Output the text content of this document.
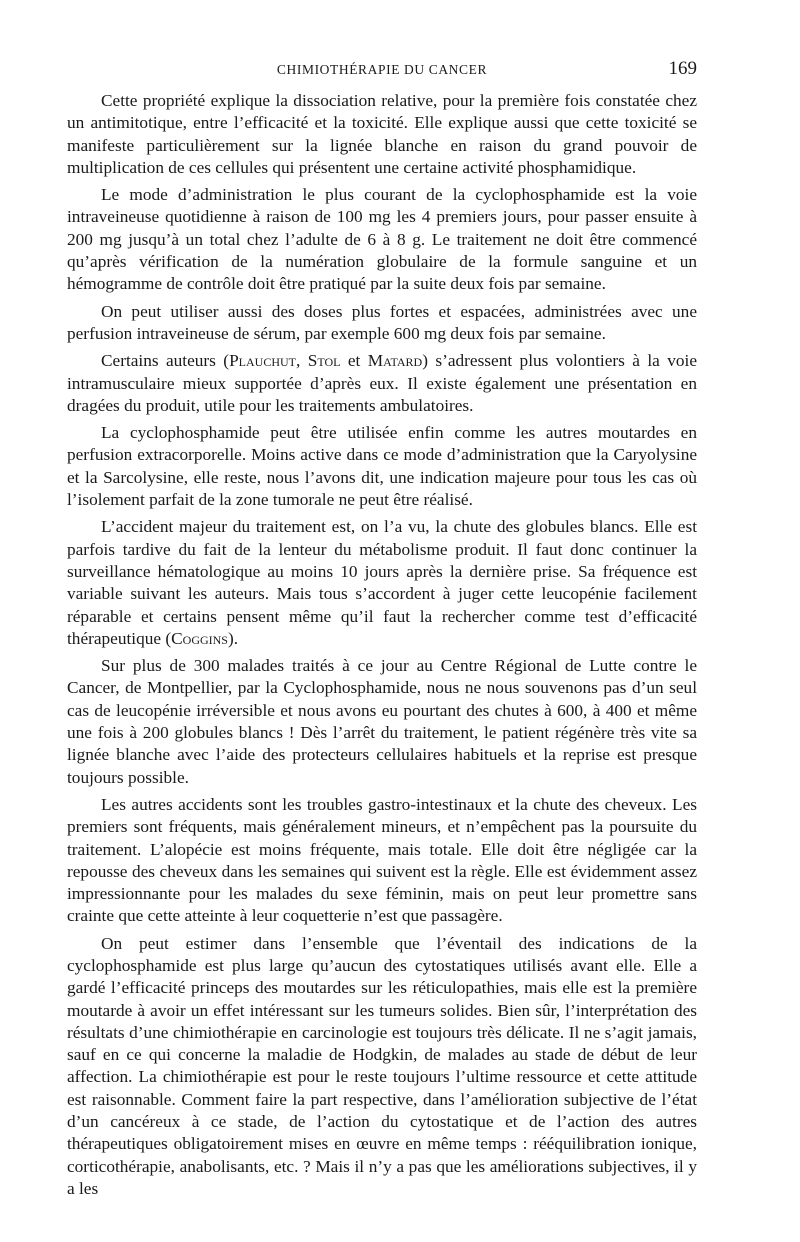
CHIMIOTHÉRAPIE DU CANCER	169

Cette propriété explique la dissociation relative, pour la première fois constatée chez un antimitotique, entre l’efficacité et la toxicité. Elle explique aussi que cette toxicité se manifeste particulièrement sur la lignée blanche en raison du grand pouvoir de multiplication de ces cellules qui présentent une certaine activité phosphamidique.

Le mode d’administration le plus courant de la cyclophosphamide est la voie intraveineuse quotidienne à raison de 100 mg les 4 premiers jours, pour passer ensuite à 200 mg jusqu’à un total chez l’adulte de 6 à 8 g. Le traitement ne doit être commencé qu’après vérification de la numération globulaire de la formule sanguine et un hémogramme de contrôle doit être pratiqué par la suite deux fois par semaine.

On peut utiliser aussi des doses plus fortes et espacées, administrées avec une perfusion intraveineuse de sérum, par exemple 600 mg deux fois par semaine.

Certains auteurs (Plauchut, Stol et Matard) s’adressent plus volontiers à la voie intramusculaire mieux supportée d’après eux. Il existe également une présentation en dragées du produit, utile pour les traitements ambulatoires.

La cyclophosphamide peut être utilisée enfin comme les autres moutardes en perfusion extracorporelle. Moins active dans ce mode d’administration que la Caryolysine et la Sarcolysine, elle reste, nous l’avons dit, une indication majeure pour tous les cas où l’isolement parfait de la zone tumorale ne peut être réalisé.

L’accident majeur du traitement est, on l’a vu, la chute des globules blancs. Elle est parfois tardive du fait de la lenteur du métabolisme produit. Il faut donc continuer la surveillance hématologique au moins 10 jours après la dernière prise. Sa fréquence est variable suivant les auteurs. Mais tous s’accordent à juger cette leucopénie facilement réparable et certains pensent même qu’il faut la rechercher comme test d’efficacité thérapeutique (Coggins).

Sur plus de 300 malades traités à ce jour au Centre Régional de Lutte contre le Cancer, de Montpellier, par la Cyclophosphamide, nous ne nous souvenons pas d’un seul cas de leucopénie irréversible et nous avons eu pourtant des chutes à 600, à 400 et même une fois à 200 globules blancs ! Dès l’arrêt du traitement, le patient régénère très vite sa lignée blanche avec l’aide des protecteurs cellulaires habituels et la reprise est presque toujours possible.

Les autres accidents sont les troubles gastro-intestinaux et la chute des cheveux. Les premiers sont fréquents, mais généralement mineurs, et n’empêchent pas la poursuite du traitement. L’alopécie est moins fréquente, mais totale. Elle doit être négligée car la repousse des cheveux dans les semaines qui suivent est la règle. Elle est évidemment assez impressionnante pour les malades du sexe féminin, mais on peut leur promettre sans crainte que cette atteinte à leur coquetterie n’est que passagère.

On peut estimer dans l’ensemble que l’éventail des indications de la cyclophosphamide est plus large qu’aucun des cytostatiques utilisés avant elle. Elle a gardé l’efficacité princeps des moutardes sur les réticulopathies, mais elle est la première moutarde à avoir un effet intéressant sur les tumeurs solides. Bien sûr, l’interprétation des résultats d’une chimiothérapie en carcinologie est toujours très délicate. Il ne s’agit jamais, sauf en ce qui concerne la maladie de Hodgkin, de malades au stade de début de leur affection. La chimiothérapie est pour le reste toujours l’ultime ressource et cette attitude est raisonnable. Comment faire la part respective, dans l’amélioration subjective de l’état d’un cancéreux à ce stade, de l’action du cytostatique et de l’action des autres thérapeutiques obligatoirement mises en œuvre en même temps : rééquilibration ionique, corticothérapie, anabolisants, etc. ? Mais il n’y a pas que les améliorations subjectives, il y a les
